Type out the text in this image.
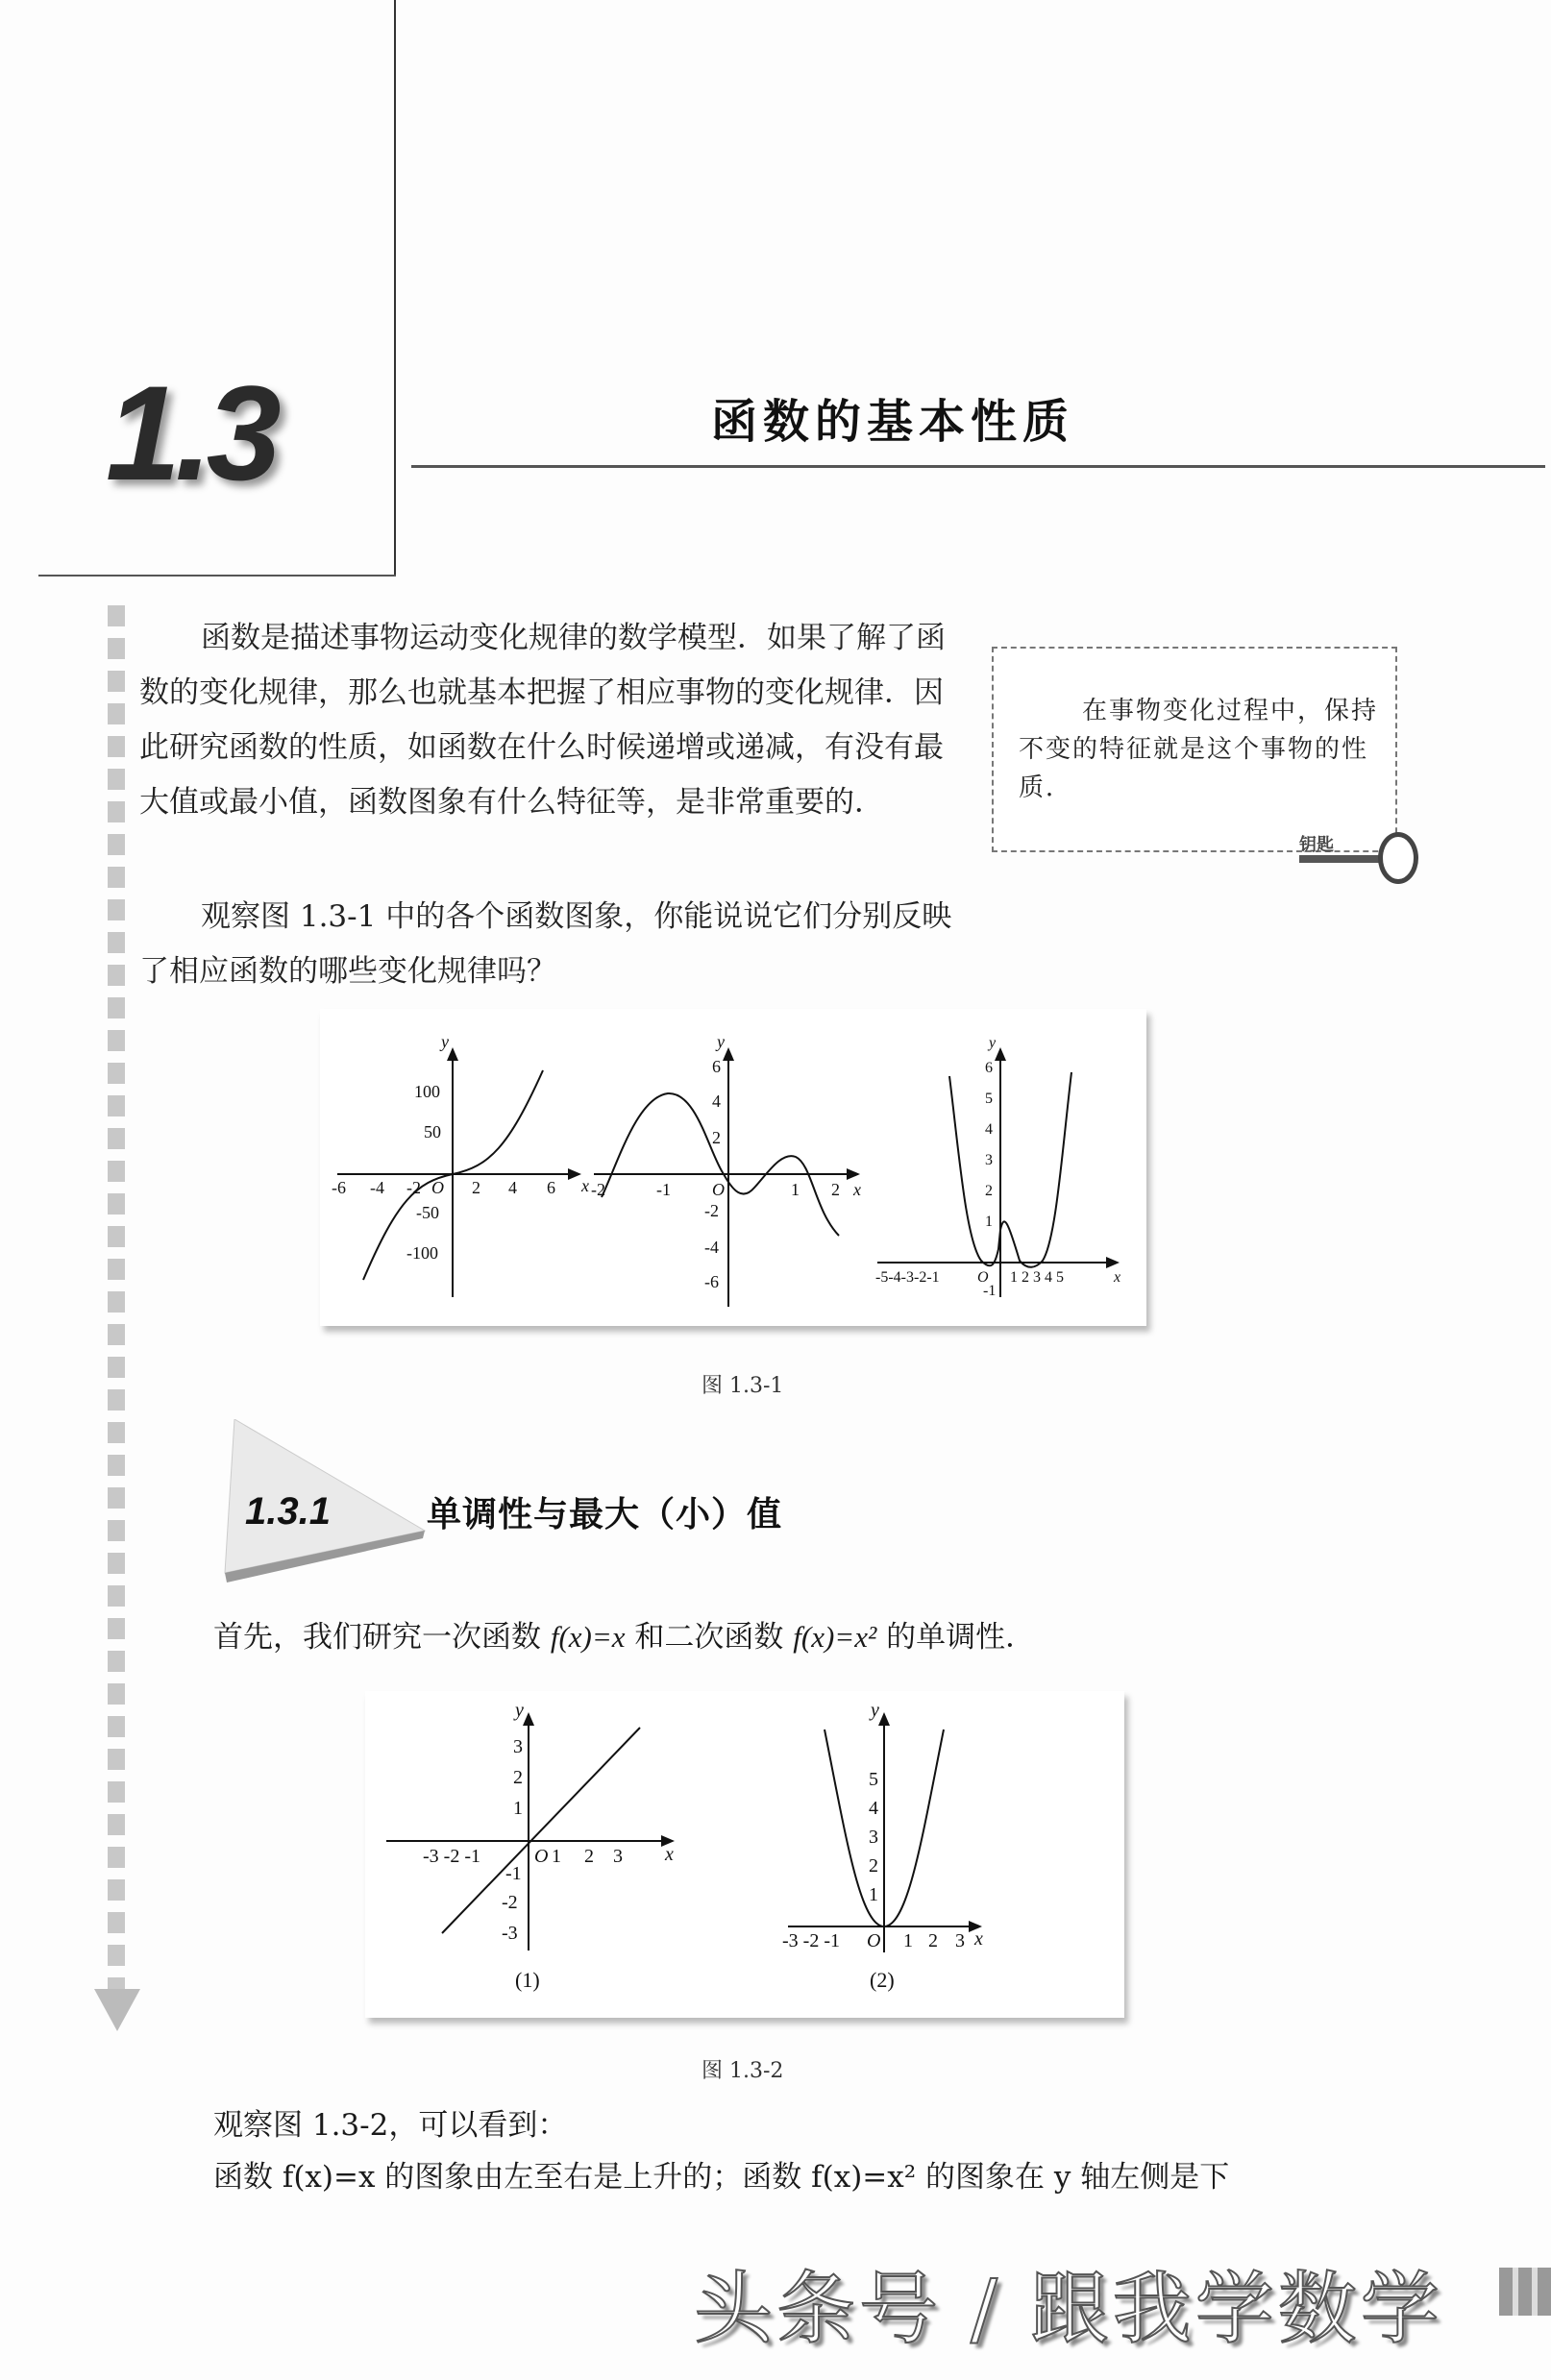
1.3	函数的基本性质
函数是描述事物运动变化规律的数学模型．如果了解了函数的变化规律，那么也就基本把握了相应事物的变化规律．因此研究函数的性质，如函数在什么时候递增或递减，有没有最大值或最小值，函数图象有什么特征等，是非常重要的．
观察图 1.3-1 中的各个函数图象，你能说说它们分别反映了相应函数的哪些变化规律吗？
在事物变化过程中，保持不变的特征就是这个事物的性质．
钥匙
y
x
100
50
-50
-100
-6 -4 -2 O 2 4 6
y
x
6
4
2
-2
-4
-6
-2	-1 O	1 2
y
x
6
5
4
3
2
1
-1
-5-4-3-2-1 O 1 2 3 4 5
图 1.3-1
1.3.1	单调性与最大（小）值
首先，我们研究一次函数 f(x)=x 和二次函数 f(x)=x² 的单调性．
y
x
3
2
1
-1
-2
-3
-3 -2 -1	O 1 2 3
(1)
y
x
5
4
3
2
1
-3 -2 -1 O 1 2 3
(2)
图 1.3-2
观察图 1.3-2，可以看到：
函数 f(x)=x 的图象由左至右是上升的；函数 f(x)=x² 的图象在 y 轴左侧是下
头条号 / 跟我学数学
